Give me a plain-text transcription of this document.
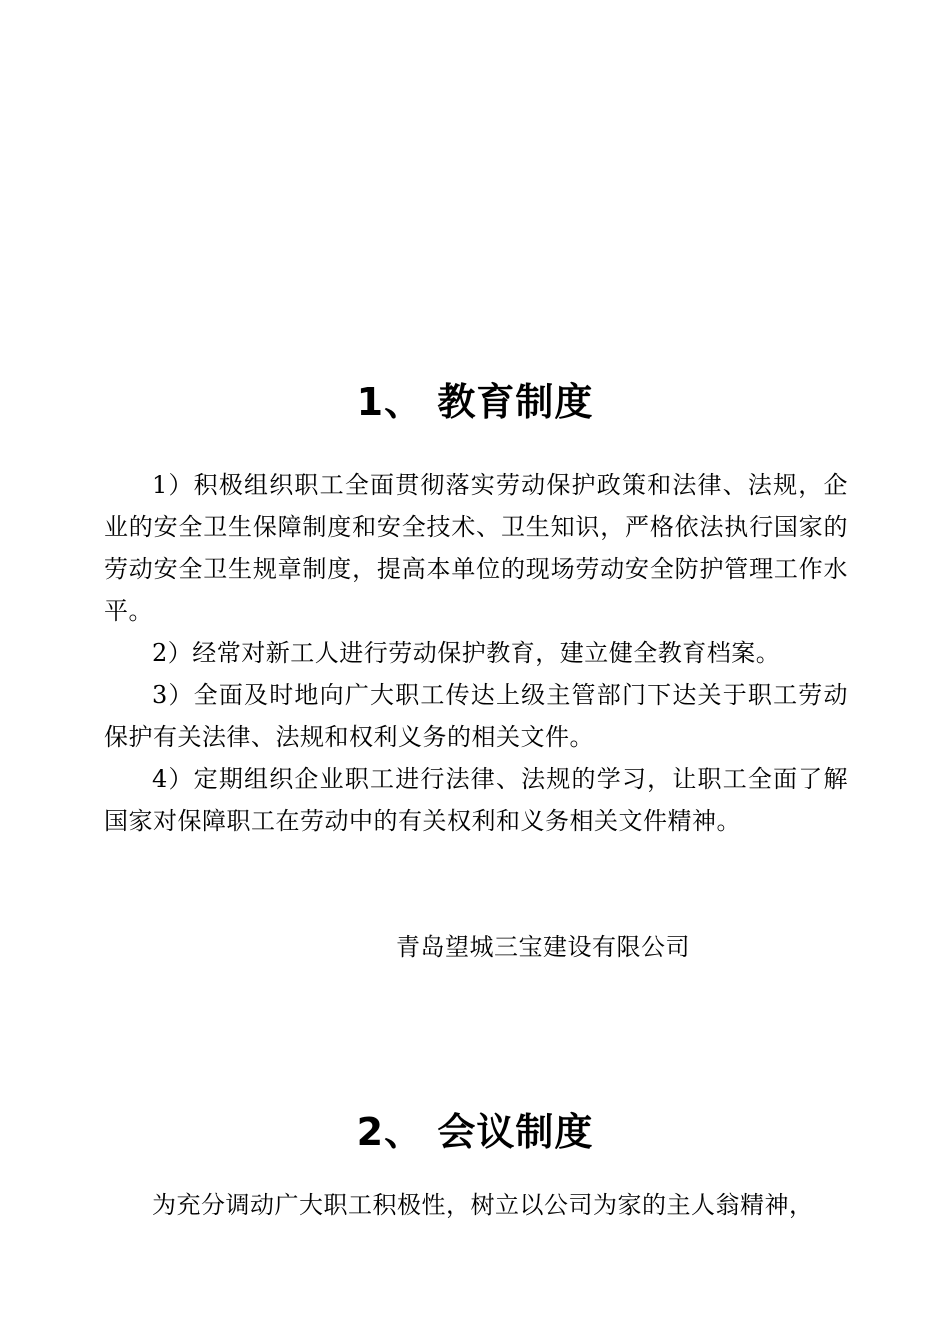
1、 教育制度

1）积极组织职工全面贯彻落实劳动保护政策和法律、法规，企业的安全卫生保障制度和安全技术、卫生知识，严格依法执行国家的劳动安全卫生规章制度，提高本单位的现场劳动安全防护管理工作水平。

2）经常对新工人进行劳动保护教育，建立健全教育档案。

3）全面及时地向广大职工传达上级主管部门下达关于职工劳动保护有关法律、法规和权利义务的相关文件。

4）定期组织企业职工进行法律、法规的学习，让职工全面了解国家对保障职工在劳动中的有关权利和义务相关文件精神。

青岛望城三宝建设有限公司
2、 会议制度

为充分调动广大职工积极性，树立以公司为家的主人翁精神，
